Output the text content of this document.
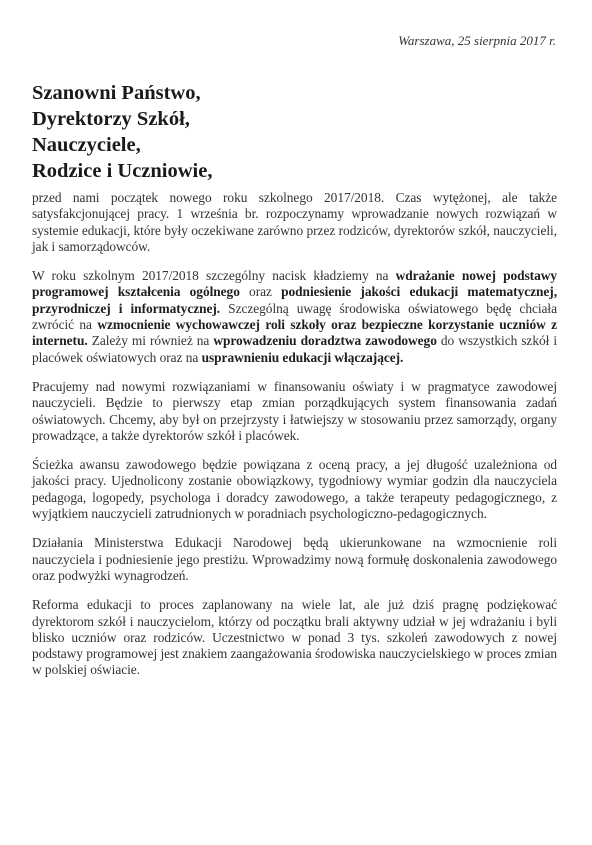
Warszawa, 25 sierpnia 2017 r.
Szanowni Państwo,
Dyrektorzy Szkół,
Nauczyciele,
Rodzice i Uczniowie,

przed nami początek nowego roku szkolnego 2017/2018. Czas wytężonej, ale także satysfakcjonującej pracy. 1 września br. rozpoczynamy wprowadzanie nowych rozwiązań w systemie edukacji, które były oczekiwane zarówno przez rodziców, dyrektorów szkół, nauczycieli, jak i samorządowców.

W roku szkolnym 2017/2018 szczególny nacisk kładziemy na wdrażanie nowej podstawy programowej kształcenia ogólnego oraz podniesienie jakości edukacji matematycznej, przyrodniczej i informatycznej. Szczególną uwagę środowiska oświatowego będę chciała zwrócić na wzmocnienie wychowawczej roli szkoły oraz bezpieczne korzystanie uczniów z internetu. Zależy mi również na wprowadzeniu doradztwa zawodowego do wszystkich szkół i placówek oświatowych oraz na usprawnieniu edukacji włączającej.

Pracujemy nad nowymi rozwiązaniami w finansowaniu oświaty i w pragmatyce zawodowej nauczycieli. Będzie to pierwszy etap zmian porządkujących system finansowania zadań oświatowych. Chcemy, aby był on przejrzysty i łatwiejszy w stosowaniu przez samorządy, organy prowadzące, a także dyrektorów szkół i placówek.

Ścieżka awansu zawodowego będzie powiązana z oceną pracy, a jej długość uzależniona od jakości pracy. Ujednolicony zostanie obowiązkowy, tygodniowy wymiar godzin dla nauczyciela pedagoga, logopedy, psychologa i doradcy zawodowego, a także terapeuty pedagogicznego, z wyjątkiem nauczycieli zatrudnionych w poradniach psychologiczno-pedagogicznych.

Działania Ministerstwa Edukacji Narodowej będą ukierunkowane na wzmocnienie roli nauczyciela i podniesienie jego prestiżu. Wprowadzimy nową formułę doskonalenia zawodowego oraz podwyżki wynagrodzeń.

Reforma edukacji to proces zaplanowany na wiele lat, ale już dziś pragnę podziękować dyrektorom szkół i nauczycielom, którzy od początku brali aktywny udział w jej wdrażaniu i byli blisko uczniów oraz rodziców. Uczestnictwo w ponad 3 tys. szkoleń zawodowych z nowej podstawy programowej jest znakiem zaangażowania środowiska nauczycielskiego w proces zmian w polskiej oświacie.
